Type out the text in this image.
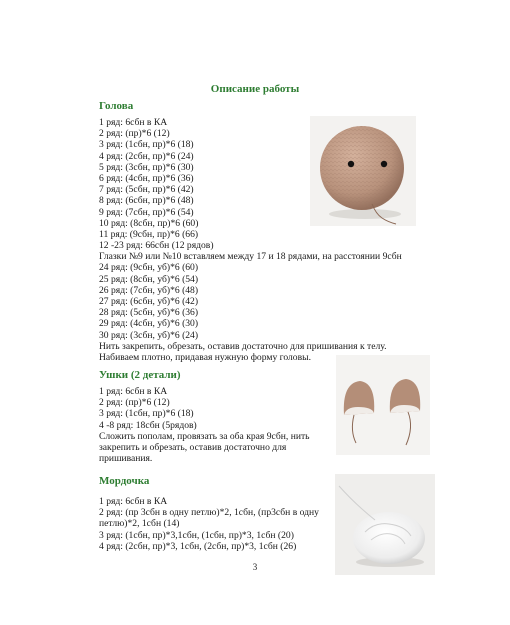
Описание работы
Голова
1 ряд: 6сбн в КА
2 ряд: (пр)*6 (12)
3 ряд: (1сбн, пр)*6 (18)
4 ряд: (2сбн, пр)*6 (24)
5 ряд: (3сбн, пр)*6 (30)
6 ряд: (4сбн, пр)*6 (36)
7 ряд: (5сбн, пр)*6 (42)
8 ряд: (6сбн, пр)*6 (48)
9 ряд: (7сбн, пр)*6 (54)
10 ряд: (8сбн, пр)*6 (60)
11 ряд: (9сбн, пр)*6 (66)
12 -23 ряд: 66сбн (12 рядов)
Глазки №9 или №10 вставляем между 17 и 18 рядами, на расстоянии 9сбн
24 ряд: (9сбн, уб)*6 (60)
25 ряд: (8сбн, уб)*6 (54)
26 ряд: (7сбн, уб)*6 (48)
27 ряд: (6сбн, уб)*6 (42)
28 ряд: (5сбн, уб)*6 (36)
29 ряд: (4сбн, уб)*6 (30)
30 ряд: (3сбн, уб)*6 (24)
Нить закрепить, обрезать, оставив достаточно для пришивания к телу.
Набиваем плотно, придавая нужную форму головы.
Ушки (2 детали)
1 ряд: 6сбн в КА
2 ряд: (пр)*6 (12)
3 ряд: (1сбн, пр)*6 (18)
4 -8 ряд: 18сбн (5рядов)
Сложить пополам, провязать за оба края 9сбн, нить
закрепить и обрезать, оставив достаточно для
пришивания.
Мордочка
1 ряд: 6сбн в КА
2 ряд: (пр 3сбн в одну петлю)*2, 1сбн, (пр3сбн в одну
петлю)*2, 1сбн (14)
3 ряд: (1сбн, пр)*3,1сбн, (1сбн, пр)*3, 1сбн (20)
4 ряд: (2сбн, пр)*3, 1сбн, (2сбн, пр)*3, 1сбн (26)
3
